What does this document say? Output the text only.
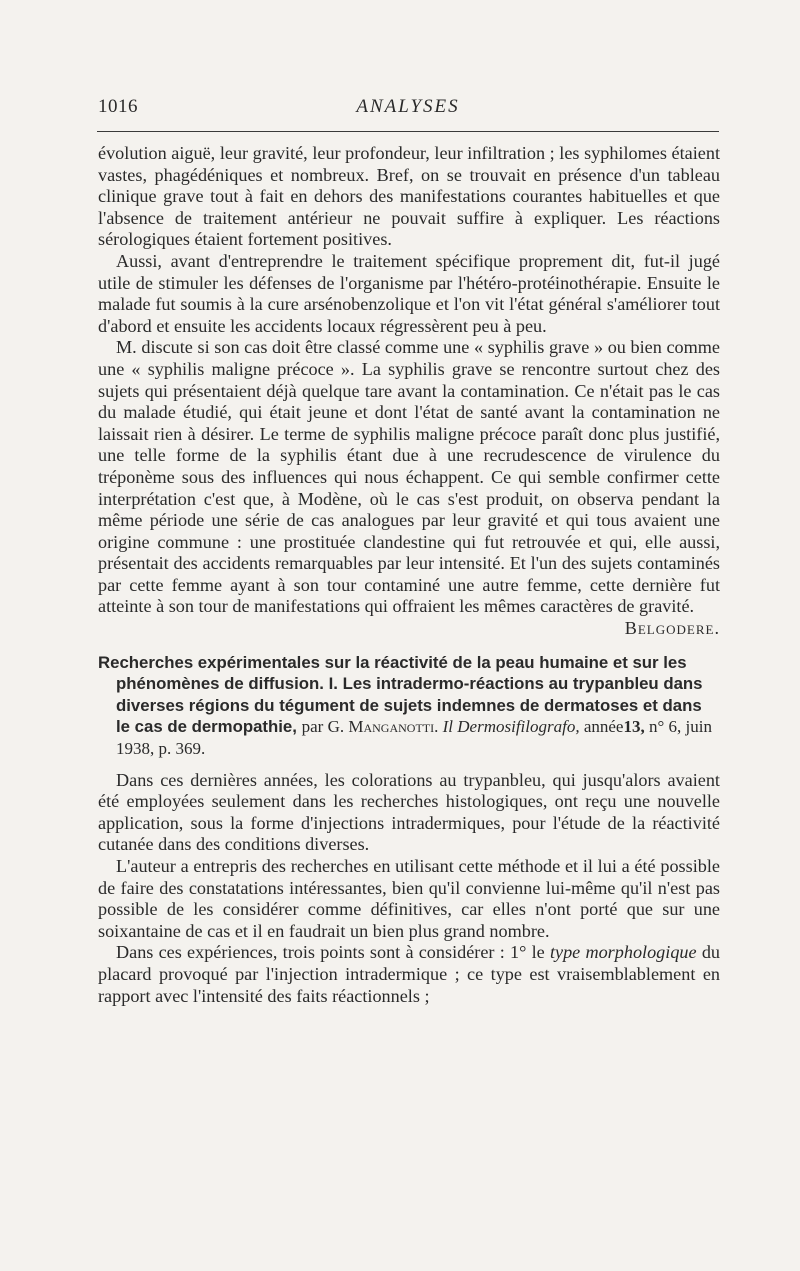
1016	ANALYSES

évolution aiguë, leur gravité, leur profondeur, leur infiltration ; les syphilomes étaient vastes, phagédéniques et nombreux. Bref, on se trouvait en présence d'un tableau clinique grave tout à fait en dehors des manifestations courantes habituelles et que l'absence de traitement antérieur ne pouvait suffire à expliquer. Les réactions sérologiques étaient fortement positives.

Aussi, avant d'entreprendre le traitement spécifique proprement dit, fut-il jugé utile de stimuler les défenses de l'organisme par l'hétéro-protéinothérapie. Ensuite le malade fut soumis à la cure arsénobenzolique et l'on vit l'état général s'améliorer tout d'abord et ensuite les accidents locaux régressèrent peu à peu.

M. discute si son cas doit être classé comme une « syphilis grave » ou bien comme une « syphilis maligne précoce ». La syphilis grave se rencontre surtout chez des sujets qui présentaient déjà quelque tare avant la contamination. Ce n'était pas le cas du malade étudié, qui était jeune et dont l'état de santé avant la contamination ne laissait rien à désirer. Le terme de syphilis maligne précoce paraît donc plus justifié, une telle forme de la syphilis étant due à une recrudescence de virulence du tréponème sous des influences qui nous échappent. Ce qui semble confirmer cette interprétation c'est que, à Modène, où le cas s'est produit, on observa pendant la même période une série de cas analogues par leur gravité et qui tous avaient une origine commune : une prostituée clandestine qui fut retrouvée et qui, elle aussi, présentait des accidents remarquables par leur intensité. Et l'un des sujets contaminés par cette femme ayant à son tour contaminé une autre femme, cette dernière fut atteinte à son tour de manifestations qui offraient les mêmes caractères de gravité.
Belgodere.

Recherches expérimentales sur la réactivité de la peau humaine et sur les phénomènes de diffusion. I. Les intradermo-réactions au trypanbleu dans diverses régions du tégument de sujets indemnes de dermatoses et dans le cas de dermopathie, par G. Manganotti. Il Dermosifilografo, année13, n° 6, juin 1938, p. 369.

Dans ces dernières années, les colorations au trypanbleu, qui jusqu'alors avaient été employées seulement dans les recherches histologiques, ont reçu une nouvelle application, sous la forme d'injections intradermiques, pour l'étude de la réactivité cutanée dans des conditions diverses.

L'auteur a entrepris des recherches en utilisant cette méthode et il lui a été possible de faire des constatations intéressantes, bien qu'il convienne lui-même qu'il n'est pas possible de les considérer comme définitives, car elles n'ont porté que sur une soixantaine de cas et il en faudrait un bien plus grand nombre.

Dans ces expériences, trois points sont à considérer : 1° le type morphologique du placard provoqué par l'injection intradermique ; ce type est vraisemblablement en rapport avec l'intensité des faits réactionnels ;
